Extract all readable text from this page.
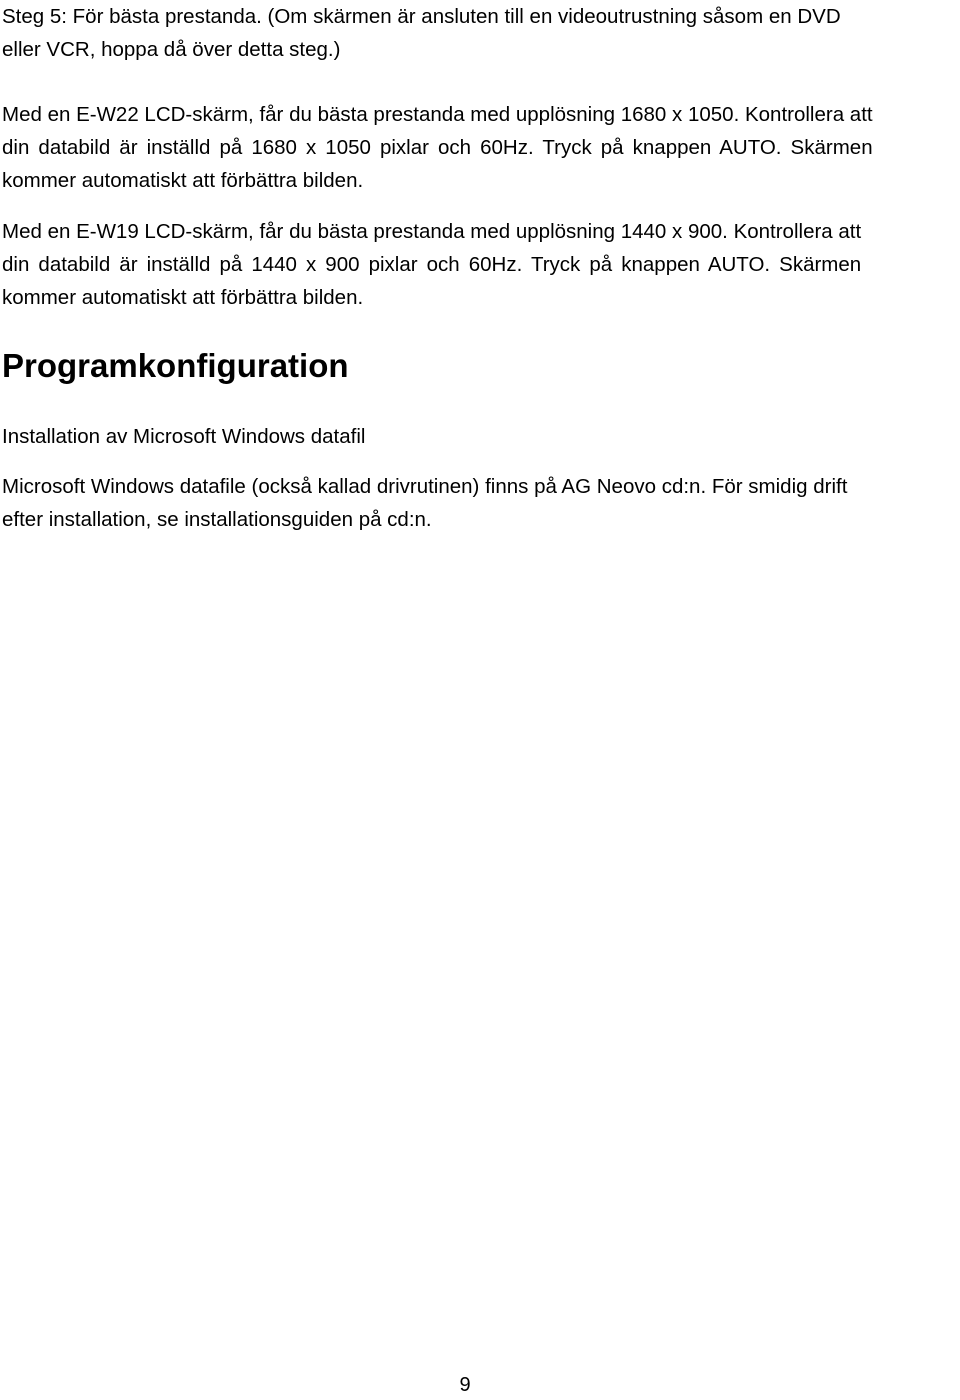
Steg 5: För bästa prestanda. (Om skärmen är ansluten till en videoutrustning såsom en DVD
eller VCR, hoppa då över detta steg.)

Med en E-W22 LCD-skärm, får du bästa prestanda med upplösning 1680 x 1050. Kontrollera att
din databild är inställd på 1680 x 1050 pixlar och 60Hz. Tryck på knappen AUTO. Skärmen
kommer automatiskt att förbättra bilden.

Med en E-W19 LCD-skärm, får du bästa prestanda med upplösning 1440 x 900. Kontrollera att
din databild är inställd på 1440 x 900 pixlar och 60Hz. Tryck på knappen AUTO. Skärmen
kommer automatiskt att förbättra bilden.

Programkonfiguration

Installation av Microsoft Windows datafil

Microsoft Windows datafile (också kallad drivrutinen) finns på AG Neovo cd:n. För smidig drift
efter installation, se installationsguiden på cd:n.

9
